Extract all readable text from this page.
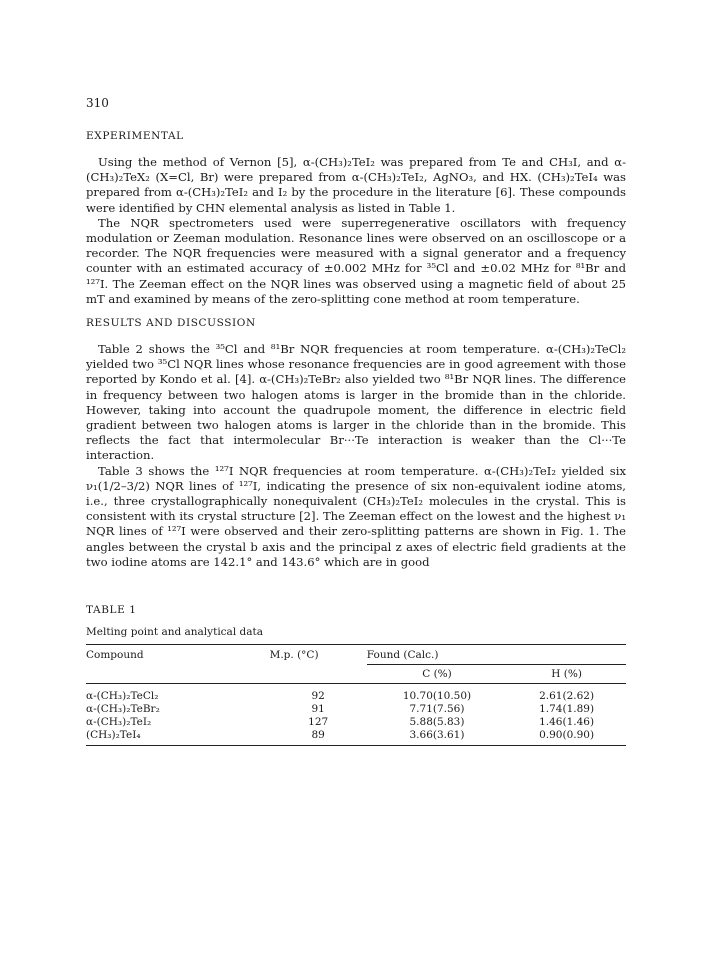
310
EXPERIMENTAL

Using the method of Vernon [5], α-(CH₃)₂TeI₂ was prepared from Te and CH₃I, and α-(CH₃)₂TeX₂ (X=Cl, Br) were prepared from α-(CH₃)₂TeI₂, AgNO₃, and HX. (CH₃)₂TeI₄ was prepared from α-(CH₃)₂TeI₂ and I₂ by the procedure in the literature [6]. These compounds were identified by CHN elemental analysis as listed in Table 1.

The NQR spectrometers used were superregenerative oscillators with frequency modulation or Zeeman modulation. Resonance lines were observed on an oscilloscope or a recorder. The NQR frequencies were measured with a signal generator and a frequency counter with an estimated accuracy of ±0.002 MHz for ³⁵Cl and ±0.02 MHz for ⁸¹Br and ¹²⁷I. The Zeeman effect on the NQR lines was observed using a magnetic field of about 25 mT and examined by means of the zero-splitting cone method at room temperature.

RESULTS AND DISCUSSION

Table 2 shows the ³⁵Cl and ⁸¹Br NQR frequencies at room temperature. α-(CH₃)₂TeCl₂ yielded two ³⁵Cl NQR lines whose resonance frequencies are in good agreement with those reported by Kondo et al. [4]. α-(CH₃)₂TeBr₂ also yielded two ⁸¹Br NQR lines. The difference in frequency between two halogen atoms is larger in the bromide than in the chloride. However, taking into account the quadrupole moment, the difference in electric field gradient between two halogen atoms is larger in the chloride than in the bromide. This reflects the fact that intermolecular Br···Te interaction is weaker than the Cl···Te interaction.

Table 3 shows the ¹²⁷I NQR frequencies at room temperature. α-(CH₃)₂TeI₂ yielded six ν₁(1/2–3/2) NQR lines of ¹²⁷I, indicating the presence of six non-equivalent iodine atoms, i.e., three crystallographically nonequivalent (CH₃)₂TeI₂ molecules in the crystal. This is consistent with its crystal structure [2]. The Zeeman effect on the lowest and the highest ν₁ NQR lines of ¹²⁷I were observed and their zero-splitting patterns are shown in Fig. 1. The angles between the crystal b axis and the principal z axes of electric field gradients at the two iodine atoms are 142.1° and 143.6° which are in good

TABLE 1
Melting point and analytical data
Compound	M.p. (°C)	Found (Calc.)	
		C (%)	H (%)
α-(CH₃)₂TeCl₂	92	10.70(10.50)	2.61(2.62)
α-(CH₃)₂TeBr₂	91	7.71(7.56)	1.74(1.89)
α-(CH₃)₂TeI₂	127	5.88(5.83)	1.46(1.46)
(CH₃)₂TeI₄	89	3.66(3.61)	0.90(0.90)
